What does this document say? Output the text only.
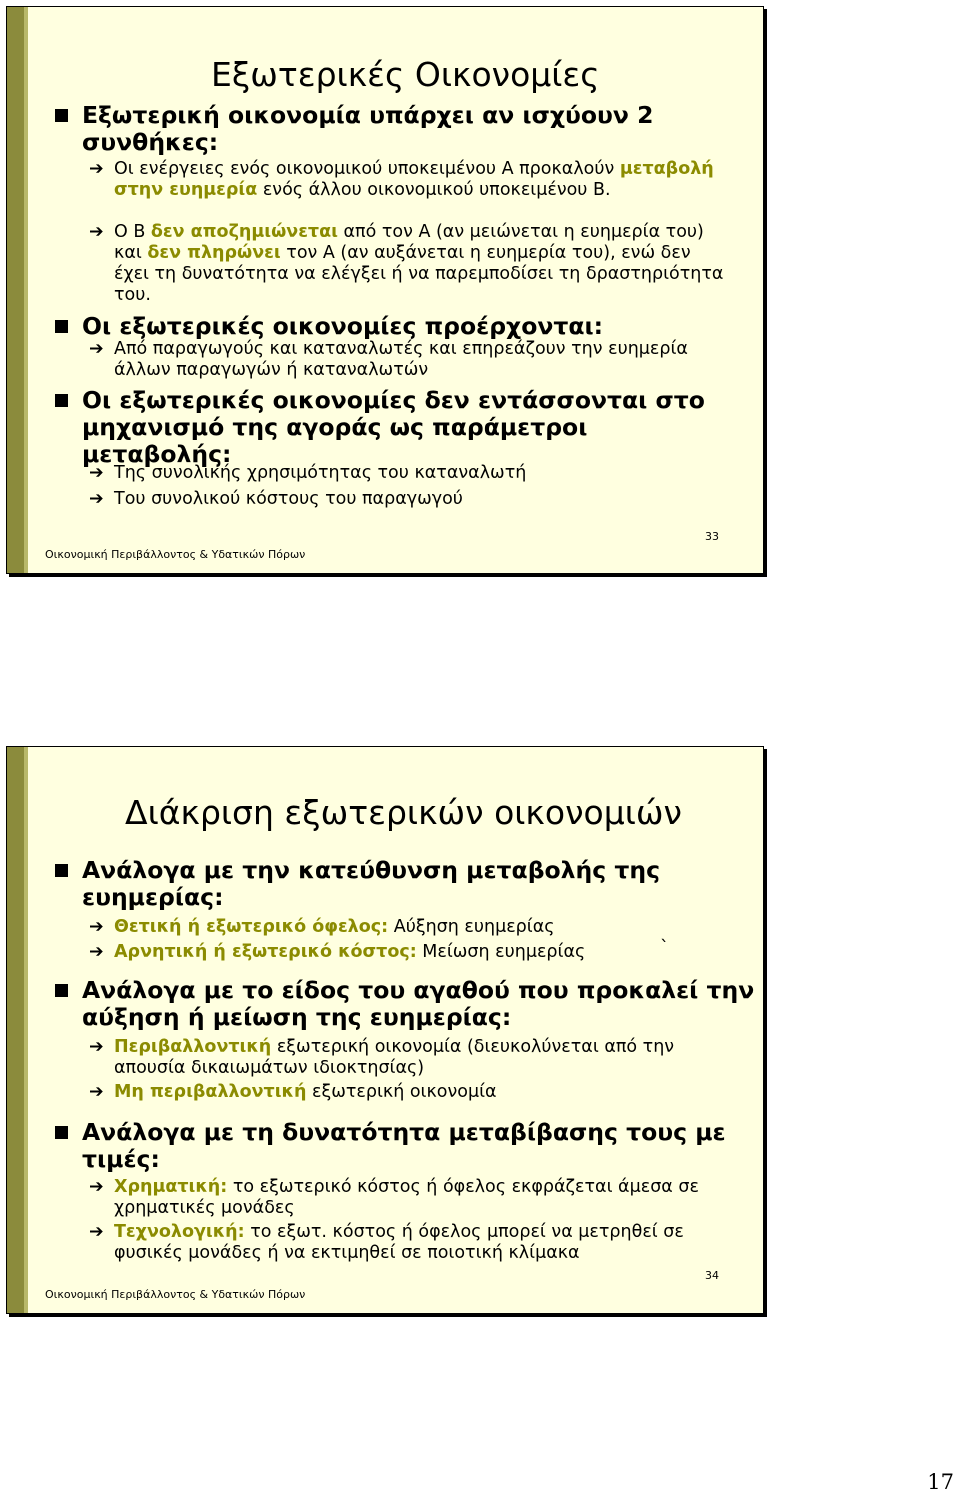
Εξωτερικές Οικονομίες
Εξωτερική οικονομία υπάρχει αν ισχύουν 2 συνθήκες:
➔ Οι ενέργειες ενός οικονομικού υποκειμένου Α προκαλούν μεταβολή στην ευημερία ενός άλλου οικονομικού υποκειμένου Β.
➔ Ο Β δεν αποζημιώνεται από τον Α (αν μειώνεται η ευημερία του) και δεν πληρώνει τον Α (αν αυξάνεται η ευημερία του), ενώ δεν έχει τη δυνατότητα να ελέγξει ή να παρεμποδίσει τη δραστηριότητα του.
Οι εξωτερικές οικονομίες προέρχονται:
➔ Από παραγωγούς και καταναλωτές και επηρεάζουν την ευημερία άλλων παραγωγών ή καταναλωτών
Οι εξωτερικές οικονομίες δεν εντάσσονται στο μηχανισμό της αγοράς ως παράμετροι μεταβολής:
➔ Της συνολικής χρησιμότητας του καταναλωτή
➔ Του συνολικού κόστους του παραγωγού
33
Οικονομική Περιβάλλοντος & Υδατικών Πόρων
Διάκριση εξωτερικών οικονομιών
Ανάλογα με την κατεύθυνση μεταβολής της ευημερίας:
➔ Θετική ή εξωτερικό όφελος: Αύξηση ευημερίας
➔ Αρνητική ή εξωτερικό κόστος: Μείωση ευημερίας	`
Ανάλογα με το είδος του αγαθού που προκαλεί την αύξηση ή μείωση της ευημερίας:
➔ Περιβαλλοντική εξωτερική οικονομία (διευκολύνεται από την απουσία δικαιωμάτων ιδιοκτησίας)
➔ Μη περιβαλλοντική εξωτερική οικονομία
Ανάλογα με τη δυνατότητα μεταβίβασης τους με τιμές:
➔ Χρηματική: το εξωτερικό κόστος ή όφελος εκφράζεται άμεσα σε χρηματικές μονάδες
➔ Τεχνολογική: το εξωτ. κόστος ή όφελος μπορεί να μετρηθεί σε φυσικές μονάδες ή να εκτιμηθεί σε ποιοτική κλίμακα
34
Οικονομική Περιβάλλοντος & Υδατικών Πόρων
17
